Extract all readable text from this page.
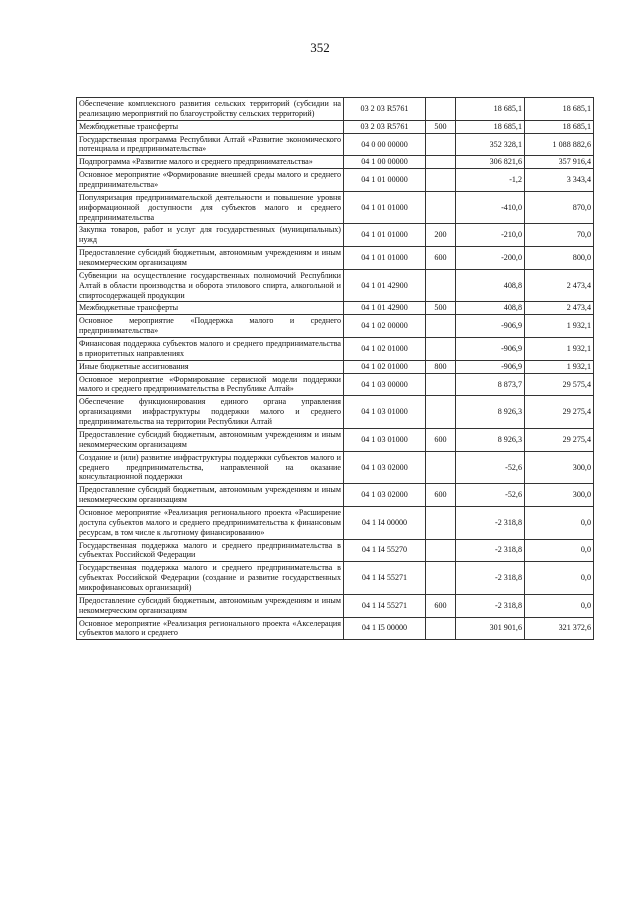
352
Обеспечение комплексного развития сельских территорий (субсидии на реализацию мероприятий по благоустройству сельских территорий)	03 2 03 R5761		18 685,1	18 685,1
Межбюджетные трансферты	03 2 03 R5761	500	18 685,1	18 685,1
Государственная программа Республики Алтай «Развитие экономического потенциала и предпринимательства»	04 0 00 00000		352 328,1	1 088 882,6
Подпрограмма «Развитие малого и среднего предпринимательства»	04 1 00 00000		306 821,6	357 916,4
Основное мероприятие «Формирование внешней среды малого и среднего предпринимательства»	04 1 01 00000		-1,2	3 343,4
Популяризация предпринимательской деятельности и повышение уровня информационной доступности для субъектов малого и среднего предпринимательства	04 1 01 01000		-410,0	870,0
Закупка товаров, работ и услуг для государственных (муниципальных) нужд	04 1 01 01000	200	-210,0	70,0
Предоставление субсидий бюджетным, автономным учреждениям и иным некоммерческим организациям	04 1 01 01000	600	-200,0	800,0
Субвенции на осуществление государственных полномочий Республики Алтай в области производства и оборота этилового спирта, алкогольной и спиртосодержащей продукции	04 1 01 42900		408,8	2 473,4
Межбюджетные трансферты	04 1 01 42900	500	408,8	2 473,4
Основное мероприятие «Поддержка малого и среднего предпринимательства»	04 1 02 00000		-906,9	1 932,1
Финансовая поддержка субъектов малого и среднего предпринимательства в приоритетных направлениях	04 1 02 01000		-906,9	1 932,1
Иные бюджетные ассигнования	04 1 02 01000	800	-906,9	1 932,1
Основное мероприятие «Формирование сервисной модели поддержки малого и среднего предпринимательства в Республике Алтай»	04 1 03 00000		8 873,7	29 575,4
Обеспечение функционирования единого органа управления организациями инфраструктуры поддержки малого и среднего предпринимательства на территории Республики Алтай	04 1 03 01000		8 926,3	29 275,4
Предоставление субсидий бюджетным, автономным учреждениям и иным некоммерческим организациям	04 1 03 01000	600	8 926,3	29 275,4
Создание и (или) развитие инфраструктуры поддержки субъектов малого и среднего предпринимательства, направленной на оказание консультационной поддержки	04 1 03 02000		-52,6	300,0
Предоставление субсидий бюджетным, автономным учреждениям и иным некоммерческим организациям	04 1 03 02000	600	-52,6	300,0
Основное мероприятие «Реализация регионального проекта «Расширение доступа субъектов малого и среднего предпринимательства к финансовым ресурсам, в том числе к льготному финансированию»	04 1 I4 00000		-2 318,8	0,0
Государственная поддержка малого и среднего предпринимательства в субъектах Российской Федерации	04 1 I4 55270		-2 318,8	0,0
Государственная поддержка малого и среднего предпринимательства в субъектах Российской Федерации (создание и развитие государственных микрофинансовых организаций)	04 1 I4 55271		-2 318,8	0,0
Предоставление субсидий бюджетным, автономным учреждениям и иным некоммерческим организациям	04 1 I4 55271	600	-2 318,8	0,0
Основное мероприятие «Реализация регионального проекта «Акселерация субъектов малого и среднего	04 1 I5 00000		301 901,6	321 372,6
